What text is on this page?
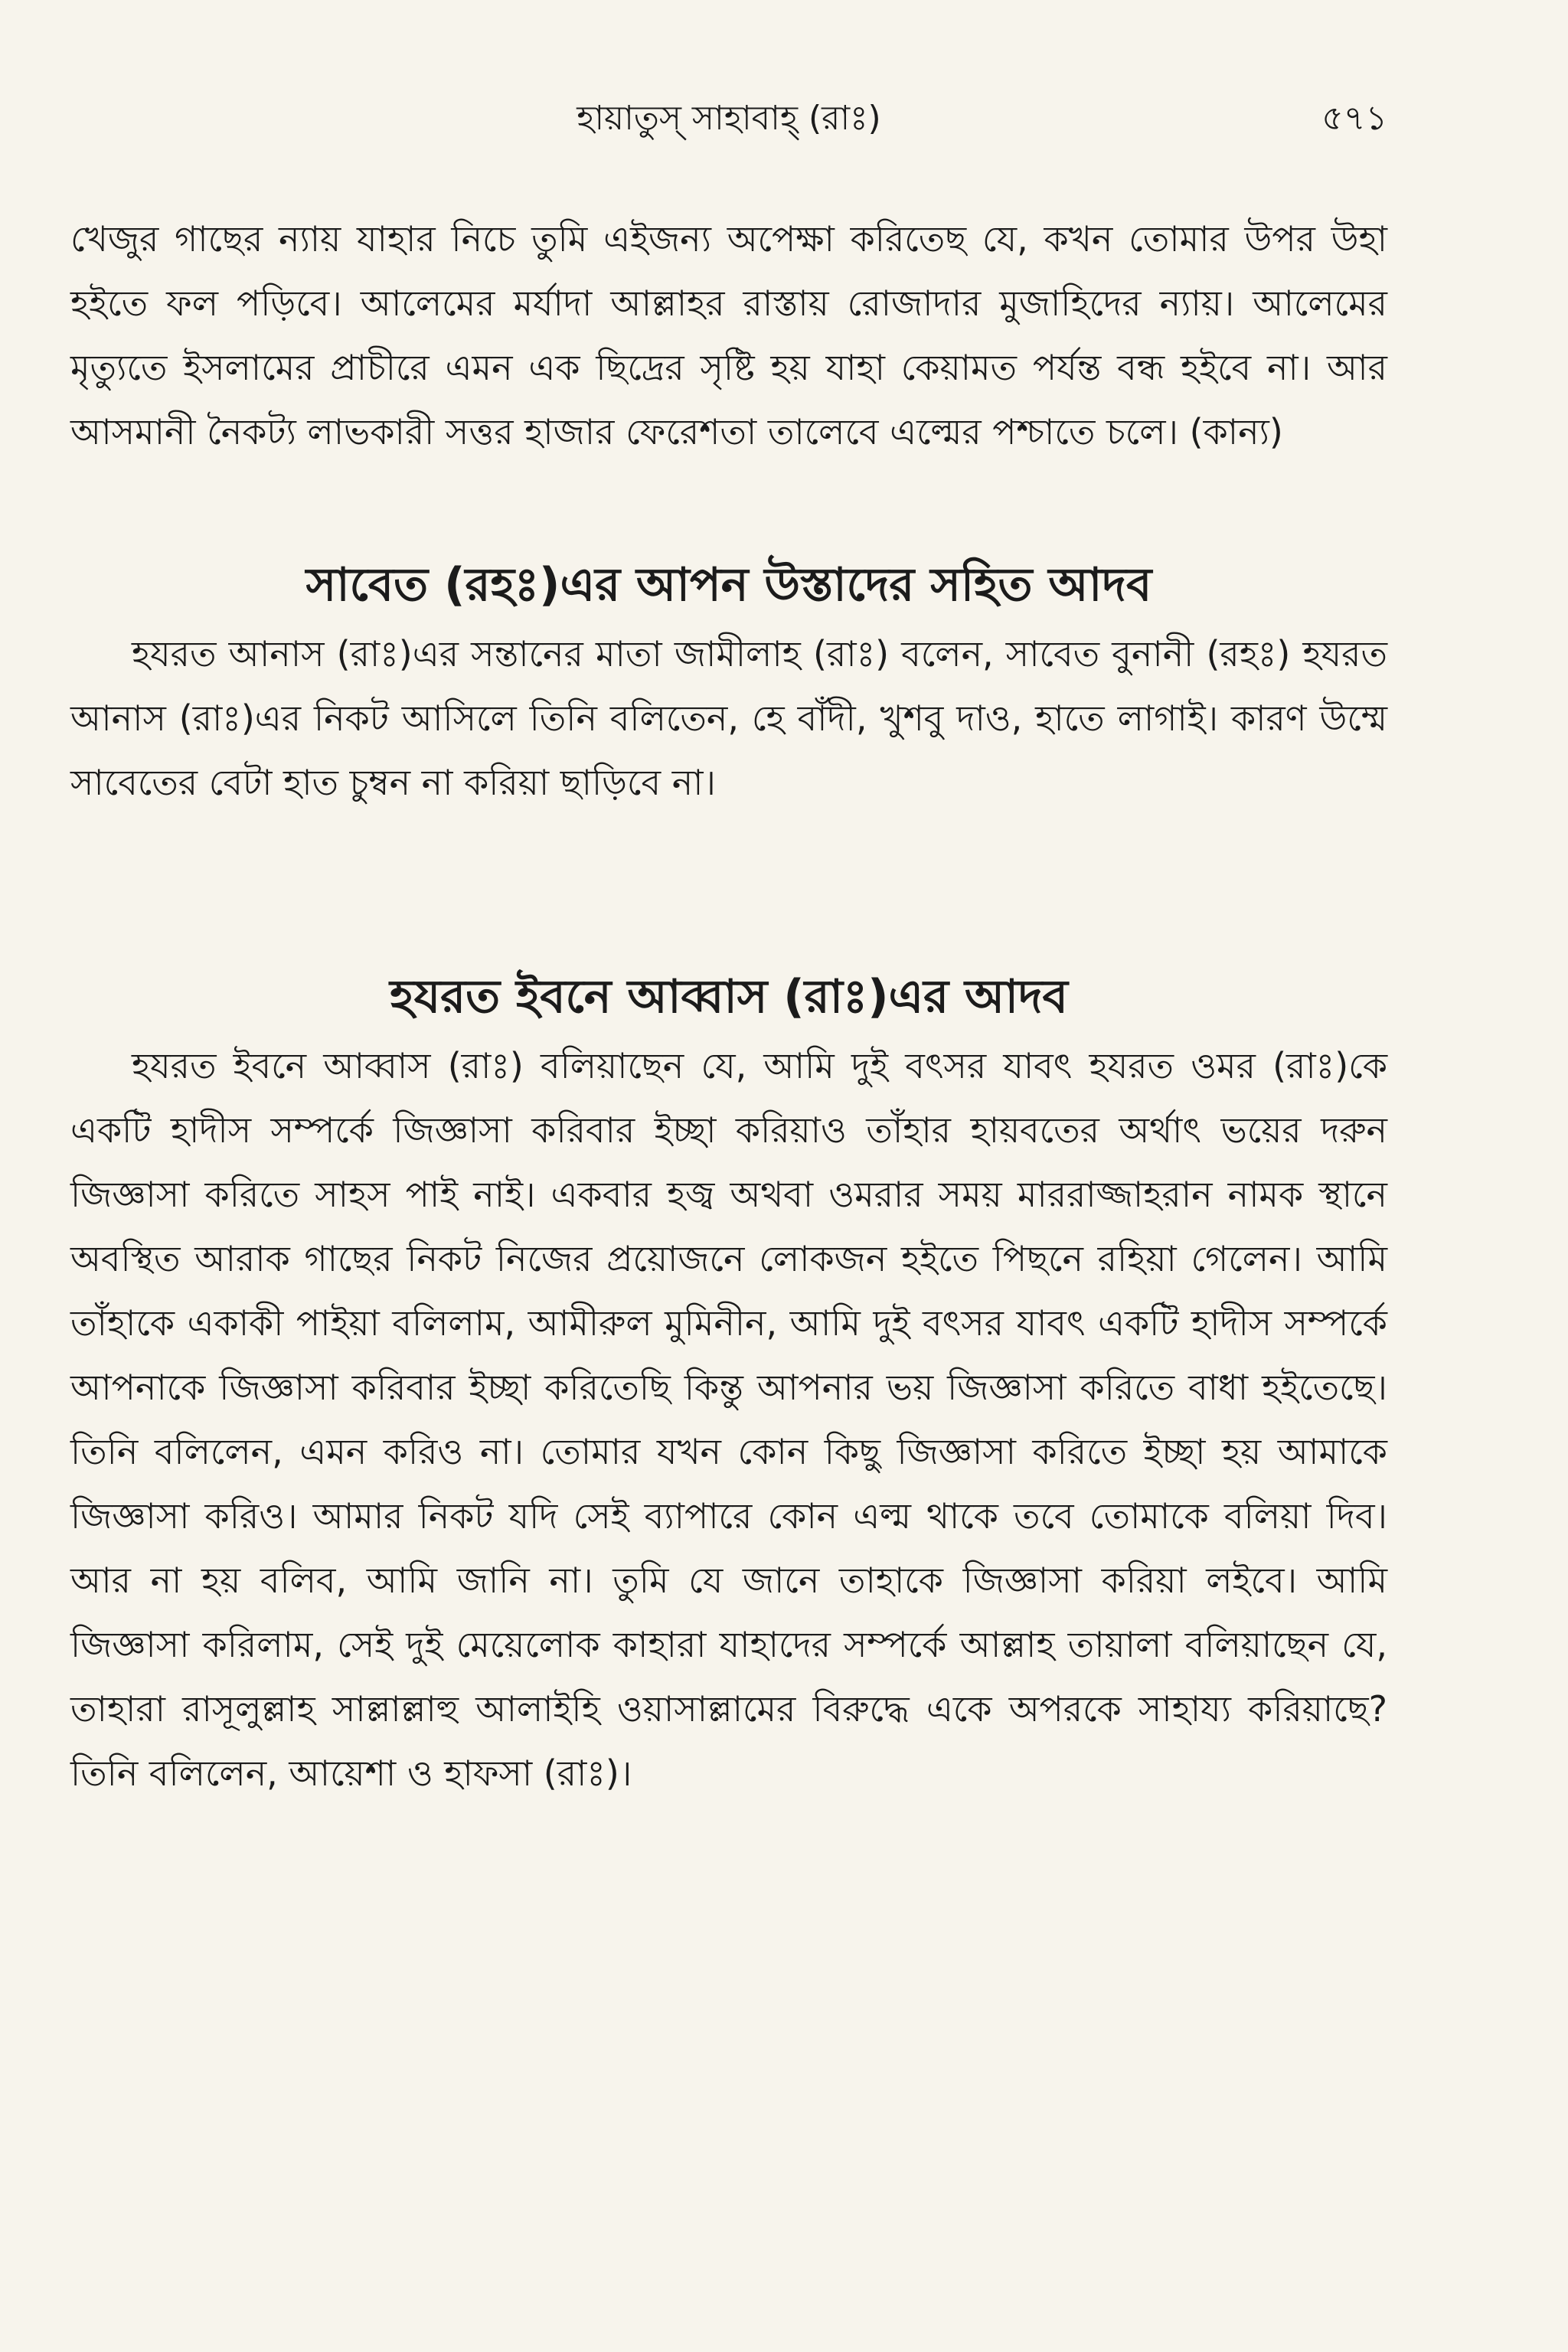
হায়াতুস্ সাহাবাহ্ (রাঃ)	৫৭১

খেজুর গাছের ন্যায় যাহার নিচে তুমি এইজন্য অপেক্ষা করিতেছ যে, কখন তোমার উপর উহা হইতে ফল পড়িবে। আলেমের মর্যাদা আল্লাহর রাস্তায় রোজাদার মুজাহিদের ন্যায়। আলেমের মৃত্যুতে ইসলামের প্রাচীরে এমন এক ছিদ্রের সৃষ্টি হয় যাহা কেয়ামত পর্যন্ত বন্ধ হইবে না। আর আসমানী নৈকট্য লাভকারী সত্তর হাজার ফেরেশতা তালেবে এল্মের পশ্চাতে চলে। (কান্য)

সাবেত (রহঃ)এর আপন উস্তাদের সহিত আদব

হযরত আনাস (রাঃ)এর সন্তানের মাতা জামীলাহ (রাঃ) বলেন, সাবেত বুনানী (রহঃ) হযরত আনাস (রাঃ)এর নিকট আসিলে তিনি বলিতেন, হে বাঁদী, খুশবু দাও, হাতে লাগাই। কারণ উম্মে সাবেতের বেটা হাত চুম্বন না করিয়া ছাড়িবে না।

হযরত ইবনে আব্বাস (রাঃ)এর আদব

হযরত ইবনে আব্বাস (রাঃ) বলিয়াছেন যে, আমি দুই বৎসর যাবৎ হযরত ওমর (রাঃ)কে একটি হাদীস সম্পর্কে জিজ্ঞাসা করিবার ইচ্ছা করিয়াও তাঁহার হায়বতের অর্থাৎ ভয়ের দরুন জিজ্ঞাসা করিতে সাহস পাই নাই। একবার হজ্ব অথবা ওমরার সময় মাররাজ্জাহরান নামক স্থানে অবস্থিত আরাক গাছের নিকট নিজের প্রয়োজনে লোকজন হইতে পিছনে রহিয়া গেলেন। আমি তাঁহাকে একাকী পাইয়া বলিলাম, আমীরুল মুমিনীন, আমি দুই বৎসর যাবৎ একটি হাদীস সম্পর্কে আপনাকে জিজ্ঞাসা করিবার ইচ্ছা করিতেছি কিন্তু আপনার ভয় জিজ্ঞাসা করিতে বাধা হইতেছে। তিনি বলিলেন, এমন করিও না। তোমার যখন কোন কিছু জিজ্ঞাসা করিতে ইচ্ছা হয় আমাকে জিজ্ঞাসা করিও। আমার নিকট যদি সেই ব্যাপারে কোন এল্ম থাকে তবে তোমাকে বলিয়া দিব। আর না হয় বলিব, আমি জানি না। তুমি যে জানে তাহাকে জিজ্ঞাসা করিয়া লইবে। আমি জিজ্ঞাসা করিলাম, সেই দুই মেয়েলোক কাহারা যাহাদের সম্পর্কে আল্লাহ তায়ালা বলিয়াছেন যে, তাহারা রাসূলুল্লাহ সাল্লাল্লাহু আলাইহি ওয়াসাল্লামের বিরুদ্ধে একে অপরকে সাহায্য করিয়াছে? তিনি বলিলেন, আয়েশা ও হাফসা (রাঃ)।
